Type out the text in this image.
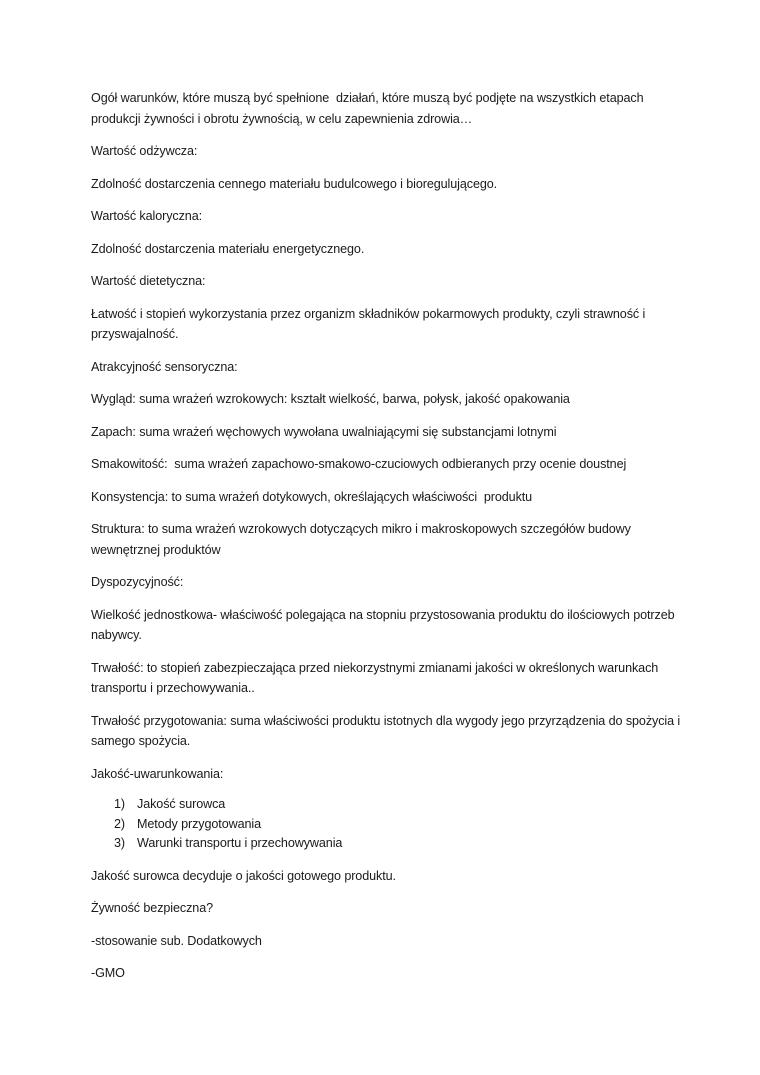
Ogół warunków, które muszą być spełnione  działań, które muszą być podjęte na wszystkich etapach produkcji żywności i obrotu żywnością, w celu zapewnienia zdrowia…

Wartość odżywcza:

Zdolność dostarczenia cennego materiału budulcowego i bioregulującego.

Wartość kaloryczna:

Zdolność dostarczenia materiału energetycznego.

Wartość dietetyczna:

Łatwość i stopień wykorzystania przez organizm składników pokarmowych produkty, czyli strawność i przyswajalność.

Atrakcyjność sensoryczna:

Wygląd: suma wrażeń wzrokowych: kształt wielkość, barwa, połysk, jakość opakowania

Zapach: suma wrażeń węchowych wywołana uwalniającymi się substancjami lotnymi

Smakowitość:  suma wrażeń zapachowo-smakowo-czuciowych odbieranych przy ocenie doustnej

Konsystencja: to suma wrażeń dotykowych, określających właściwości  produktu

Struktura: to suma wrażeń wzrokowych dotyczących mikro i makroskopowych szczegółów budowy wewnętrznej produktów

Dyspozycyjność:

Wielkość jednostkowa- właściwość polegająca na stopniu przystosowania produktu do ilościowych potrzeb nabywcy.

Trwałość: to stopień zabezpieczająca przed niekorzystnymi zmianami jakości w określonych warunkach transportu i przechowywania..

Trwałość przygotowania: suma właściwości produktu istotnych dla wygody jego przyrządzenia do spożycia i samego spożycia.

Jakość-uwarunkowania:

1) Jakość surowca
2) Metody przygotowania
3) Warunki transportu i przechowywania

Jakość surowca decyduje o jakości gotowego produktu.

Żywność bezpieczna?

-stosowanie sub. Dodatkowych

-GMO
